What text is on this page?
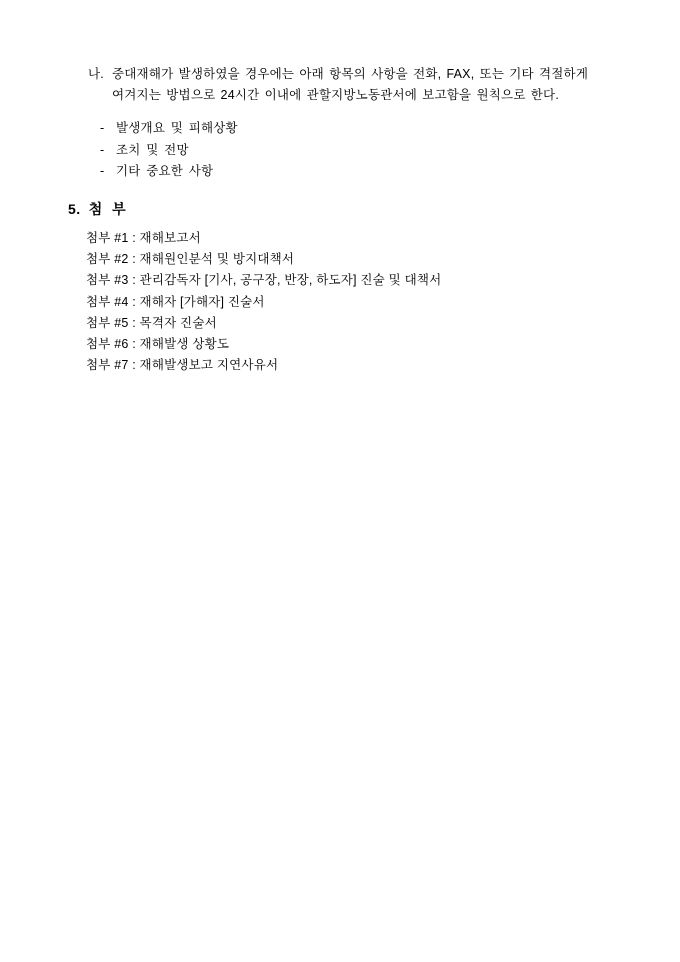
나. 중대재해가 발생하였을 경우에는 아래 항목의 사항을 전화, FAX, 또는 기타 격절하게
여겨지는 방법으로 24시간 이내에 관할지방노동관서에 보고함을 원칙으로 한다.
- 발생개요 및 피해상황
- 조치 및 전망
- 기타 중요한 사항
5. 첨 부
첨부 #1 : 재해보고서
첨부 #2 : 재해원인분석 및 방지대책서
첨부 #3 : 관리감독자 [기사, 공구장, 반장, 하도자] 진술 및 대책서
첨부 #4 : 재해자 [가해자] 진술서
첨부 #5 : 목격자 진술서
첨부 #6 : 재해발생 상황도
첨부 #7 : 재해발생보고 지연사유서
